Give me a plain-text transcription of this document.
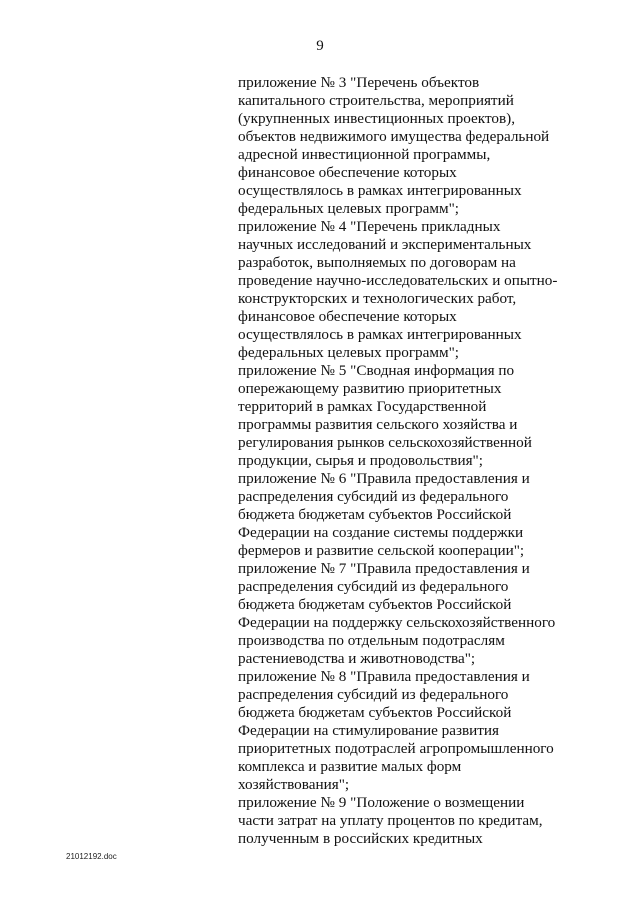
9
приложение № 3 "Перечень объектов
капитального строительства, мероприятий
(укрупненных инвестиционных проектов),
объектов недвижимого имущества федеральной
адресной инвестиционной программы,
финансовое обеспечение которых
осуществлялось в рамках интегрированных
федеральных целевых программ";
приложение № 4 "Перечень прикладных
научных исследований и экспериментальных
разработок, выполняемых по договорам на
проведение научно-исследовательских и опытно-
конструкторских и технологических работ,
финансовое обеспечение которых
осуществлялось в рамках интегрированных
федеральных целевых программ";
приложение № 5 "Сводная информация по
опережающему развитию приоритетных
территорий в рамках Государственной
программы развития сельского хозяйства и
регулирования рынков сельскохозяйственной
продукции, сырья и продовольствия";
приложение № 6 "Правила предоставления и
распределения субсидий из федерального
бюджета бюджетам субъектов Российской
Федерации на создание системы поддержки
фермеров и развитие сельской кооперации";
приложение № 7 "Правила предоставления и
распределения субсидий из федерального
бюджета бюджетам субъектов Российской
Федерации на поддержку сельскохозяйственного
производства по отдельным подотраслям
растениеводства и животноводства";
приложение № 8 "Правила предоставления и
распределения субсидий из федерального
бюджета бюджетам субъектов Российской
Федерации на стимулирование развития
приоритетных подотраслей агропромышленного
комплекса и развитие малых форм
хозяйствования";
приложение № 9 "Положение о возмещении
части затрат на уплату процентов по кредитам,
полученным в российских кредитных
21012192.doc
